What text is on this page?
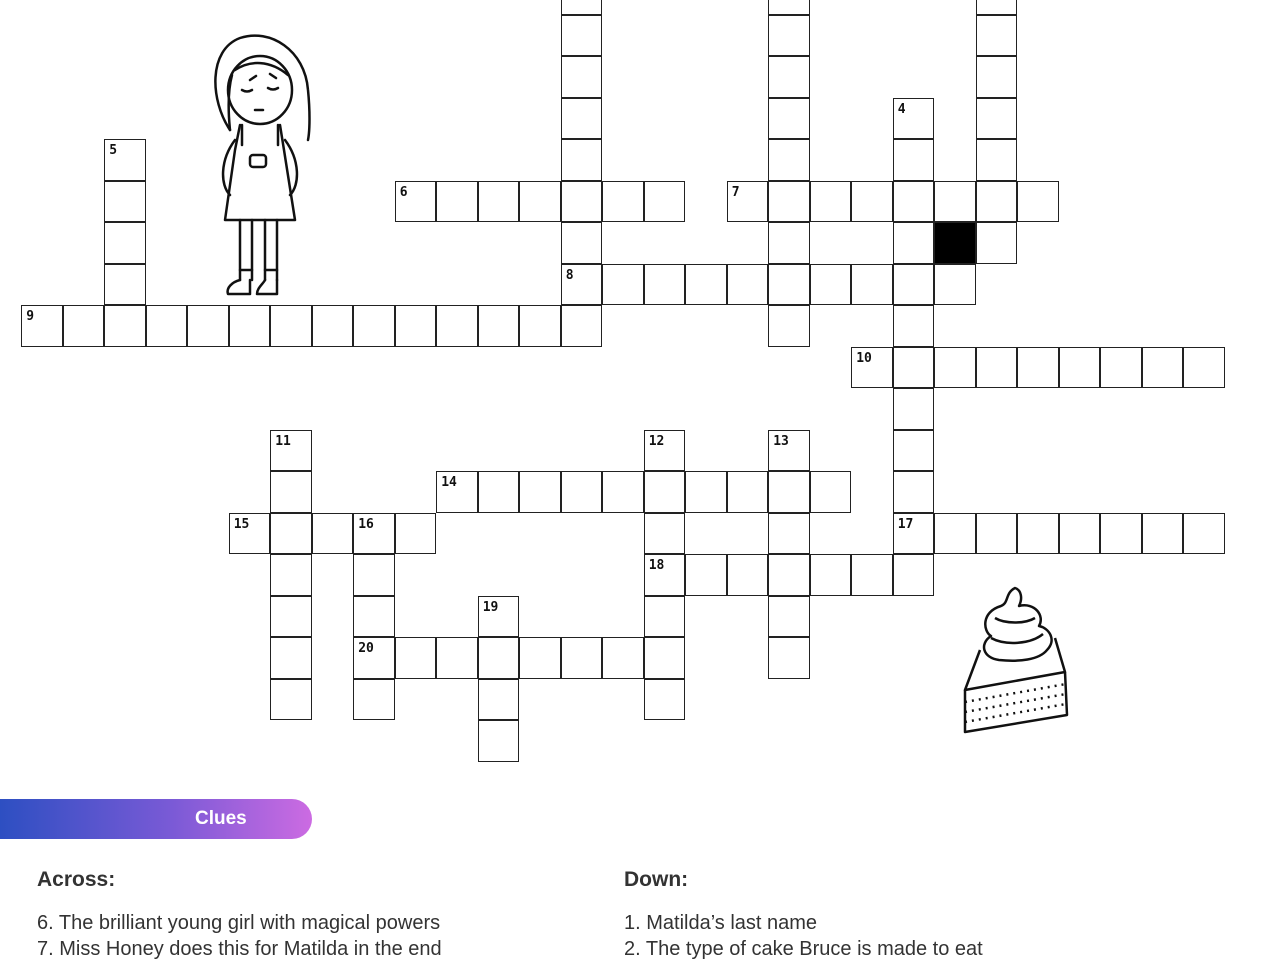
8
4
17
5
6	7
9
10
11	12
18
13
14
15	16
20
19
Clues
Across:
6. The brilliant young girl with magical powers
7. Miss Honey does this for Matilda in the end
Down:
1. Matilda’s last name
2. The type of cake Bruce is made to eat
